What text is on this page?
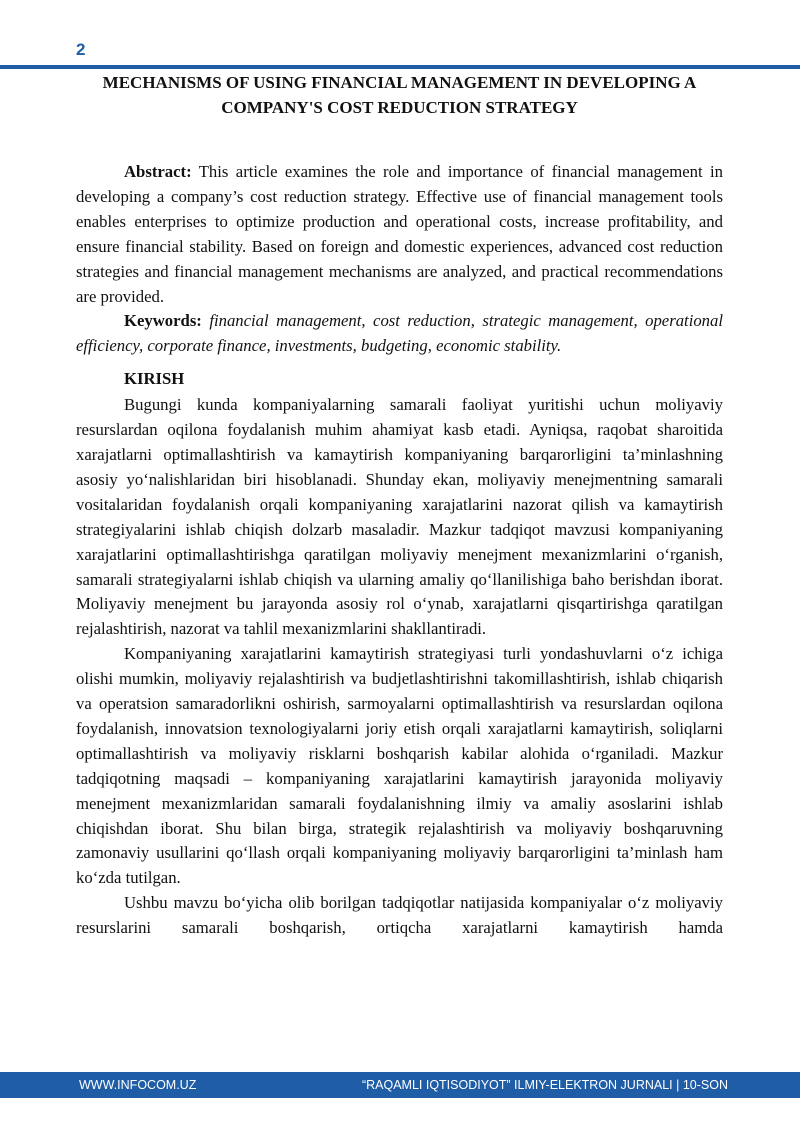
2
MECHANISMS OF USING FINANCIAL MANAGEMENT IN DEVELOPING A COMPANY'S COST REDUCTION STRATEGY

Abstract: This article examines the role and importance of financial management in developing a company’s cost reduction strategy. Effective use of financial management tools enables enterprises to optimize production and operational costs, increase profitability, and ensure financial stability. Based on foreign and domestic experiences, advanced cost reduction strategies and financial management mechanisms are analyzed, and practical recommendations are provided.

Keywords: financial management, cost reduction, strategic management, operational efficiency, corporate finance, investments, budgeting, economic stability.

KIRISH

Bugungi kunda kompaniyalarning samarali faoliyat yuritishi uchun moliyaviy resurslardan oqilona foydalanish muhim ahamiyat kasb etadi. Ayniqsa, raqobat sharoitida xarajatlarni optimallashtirish va kamaytirish kompaniyaning barqarorligini ta’minlashning asosiy yo‘nalishlaridan biri hisoblanadi. Shunday ekan, moliyaviy menejmentning samarali vositalaridan foydalanish orqali kompaniyaning xarajatlarini nazorat qilish va kamaytirish strategiyalarini ishlab chiqish dolzarb masaladir. Mazkur tadqiqot mavzusi kompaniyaning xarajatlarini optimallashtirishga qaratilgan moliyaviy menejment mexanizmlarini o‘rganish, samarali strategiyalarni ishlab chiqish va ularning amaliy qo‘llanilishiga baho berishdan iborat. Moliyaviy menejment bu jarayonda asosiy rol o‘ynab, xarajatlarni qisqartirishga qaratilgan rejalashtirish, nazorat va tahlil mexanizmlarini shakllantiradi.

Kompaniyaning xarajatlarini kamaytirish strategiyasi turli yondashuvlarni o‘z ichiga olishi mumkin, moliyaviy rejalashtirish va budjetlashtirishni takomillashtirish, ishlab chiqarish va operatsion samaradorlikni oshirish, sarmoyalarni optimallashtirish va resurslardan oqilona foydalanish, innovatsion texnologiyalarni joriy etish orqali xarajatlarni kamaytirish, soliqlarni optimallashtirish va moliyaviy risklarni boshqarish kabilar alohida o‘rganiladi. Mazkur tadqiqotning maqsadi – kompaniyaning xarajatlarini kamaytirish jarayonida moliyaviy menejment mexanizmlaridan samarali foydalanishning ilmiy va amaliy asoslarini ishlab chiqishdan iborat. Shu bilan birga, strategik rejalashtirish va moliyaviy boshqaruvning zamonaviy usullarini qo‘llash orqali kompaniyaning moliyaviy barqarorligini ta’minlash ham ko‘zda tutilgan.

Ushbu mavzu bo‘yicha olib borilgan tadqiqotlar natijasida kompaniyalar o‘z moliyaviy resurslarini samarali boshqarish, ortiqcha xarajatlarni kamaytirish hamda

WWW.INFOCOM.UZ	“RAQAMLI IQTISODIYOT” ILMIY-ELEKTRON JURNALI | 10-SON
